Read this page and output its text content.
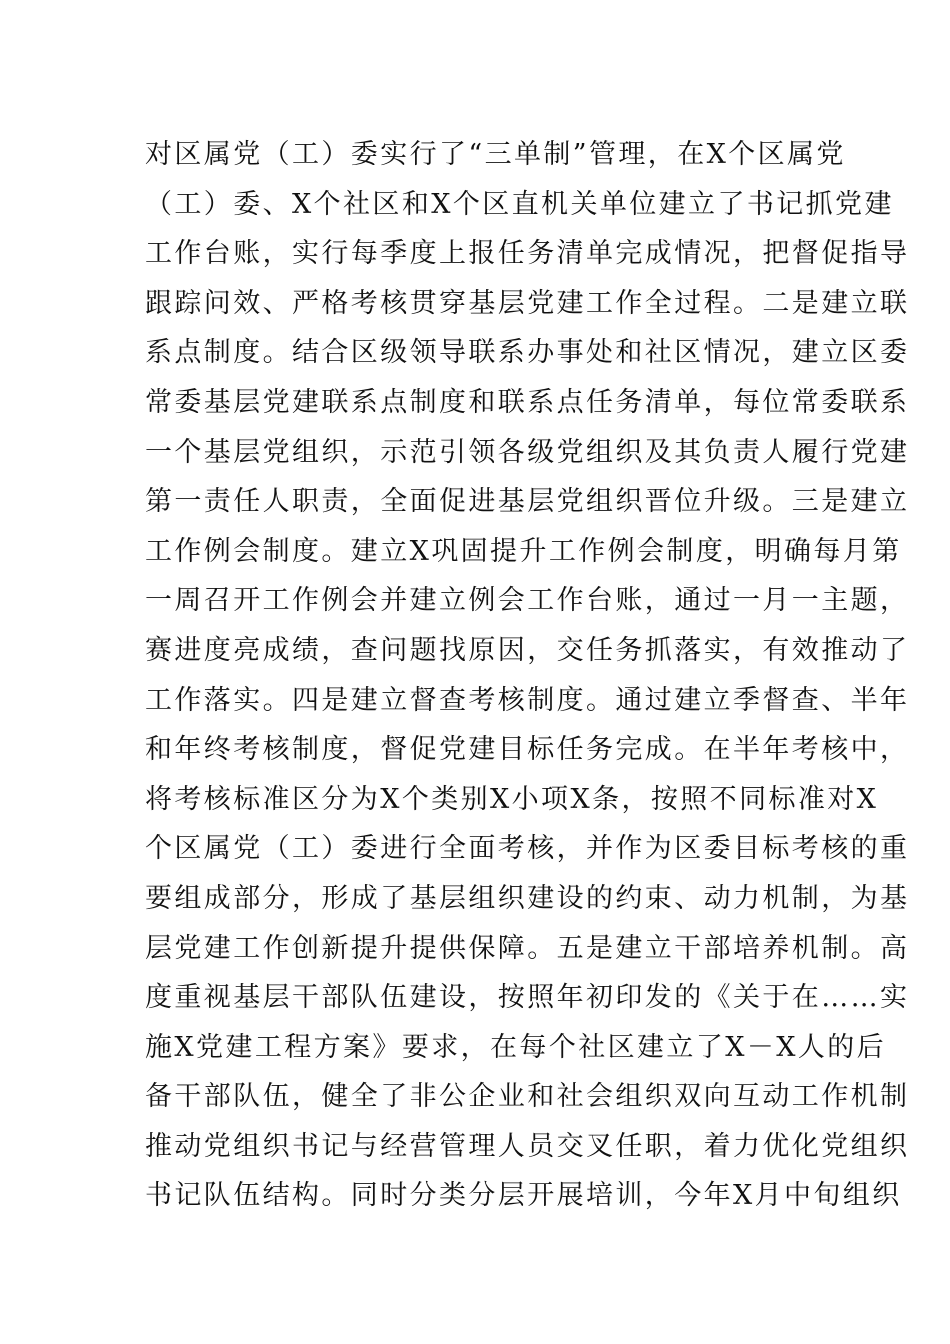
对区属党（工）委实行了“三单制”管理，在X个区属党
（工）委、X个社区和X个区直机关单位建立了书记抓党建
工作台账，实行每季度上报任务清单完成情况，把督促指导
跟踪问效、严格考核贯穿基层党建工作全过程。二是建立联
系点制度。结合区级领导联系办事处和社区情况，建立区委
常委基层党建联系点制度和联系点任务清单，每位常委联系
一个基层党组织，示范引领各级党组织及其负责人履行党建
第一责任人职责，全面促进基层党组织晋位升级。三是建立
工作例会制度。建立X巩固提升工作例会制度，明确每月第
一周召开工作例会并建立例会工作台账，通过一月一主题，
赛进度亮成绩，查问题找原因，交任务抓落实，有效推动了
工作落实。四是建立督查考核制度。通过建立季督查、半年
和年终考核制度，督促党建目标任务完成。在半年考核中，
将考核标准区分为X个类别X小项X条，按照不同标准对X
个区属党（工）委进行全面考核，并作为区委目标考核的重
要组成部分，形成了基层组织建设的约束、动力机制，为基
层党建工作创新提升提供保障。五是建立干部培养机制。高
度重视基层干部队伍建设，按照年初印发的《关于在……实
施X党建工程方案》要求，在每个社区建立了X－X人的后
备干部队伍，健全了非公企业和社会组织双向互动工作机制
推动党组织书记与经营管理人员交叉任职，着力优化党组织
书记队伍结构。同时分类分层开展培训，今年X月中旬组织
